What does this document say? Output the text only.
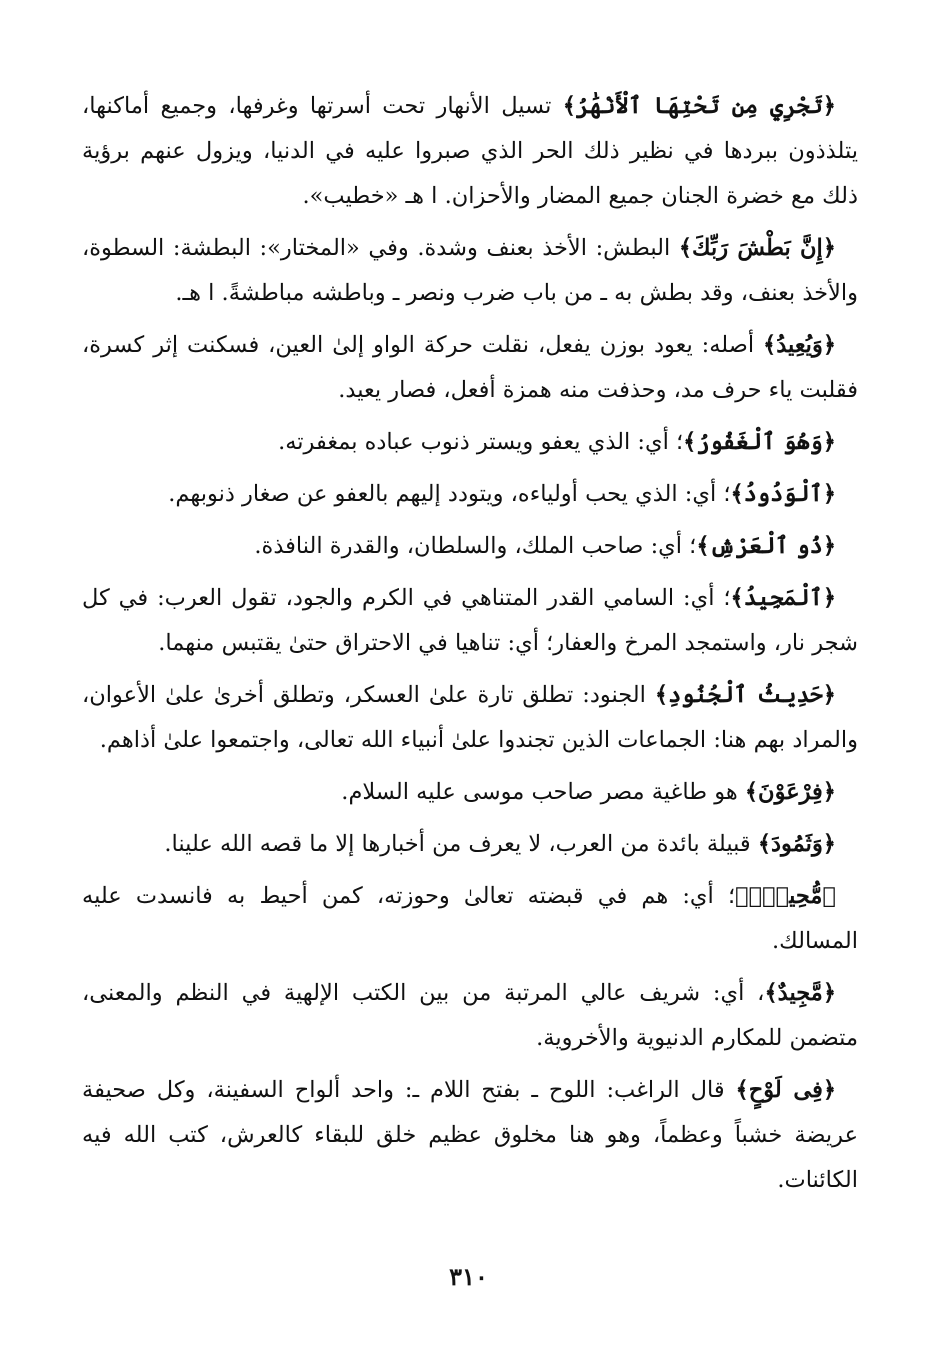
﴿تَجْرِي مِن تَحْتِهَا ٱلْأَنْهَٰرُ﴾ تسيل الأنهار تحت أسرتها وغرفها، وجميع أماكنها، يتلذذون ببردها في نظير ذلك الحر الذي صبروا عليه في الدنيا، ويزول عنهم برؤية ذلك مع خضرة الجنان جميع المضار والأحزان. ا هـ «خطيب».

﴿إِنَّ بَطْشَ رَبِّكَ﴾ البطش: الأخذ بعنف وشدة. وفي «المختار»: البطشة: السطوة، والأخذ بعنف، وقد بطش به ـ من باب ضرب ونصر ـ وباطشه مباطشةً. ا هـ.

﴿وَيُعِيدُ﴾ أصله: يعود بوزن يفعل، نقلت حركة الواو إلىٰ العين، فسكنت إثر كسرة، فقلبت ياء حرف مد، وحذفت منه همزة أفعل، فصار يعيد.

﴿وَهُوَ ٱلْغَفُورُ﴾؛ أي: الذي يعفو ويستر ذنوب عباده بمغفرته.

﴿ٱلْوَدُودُ﴾؛ أي: الذي يحب أولياءه، ويتودد إليهم بالعفو عن صغار ذنوبهم.

﴿ذُو ٱلْعَرْشِ﴾؛ أي: صاحب الملك، والسلطان، والقدرة النافذة.

﴿ٱلْمَجِيدُ﴾؛ أي: السامي القدر المتناهي في الكرم والجود، تقول العرب: في كل شجر نار، واستمجد المرخ والعفار؛ أي: تناهيا في الاحتراق حتىٰ يقتبس منهما.

﴿حَدِيثُ ٱلْجُنُودِ﴾ الجنود: تطلق تارة علىٰ العسكر، وتطلق أخرىٰ علىٰ الأعوان، والمراد بهم هنا: الجماعات الذين تجندوا علىٰ أنبياء الله تعالى، واجتمعوا علىٰ أذاهم.

﴿فِرْعَوْنَ﴾ هو طاغية مصر صاحب موسى عليه السلام.

﴿وَثَمُودَ﴾ قبيلة بائدة من العرب، لا يعرف من أخبارها إلا ما قصه الله علينا.

﴿مُّحِيطٌۢ﴾؛ أي: هم في قبضته تعالىٰ وحوزته، كمن أحيط به فانسدت عليه المسالك.

﴿مَّجِيدٌ﴾، أي: شريف عالي المرتبة من بين الكتب الإلهية في النظم والمعنى، متضمن للمكارم الدنيوية والأخروية.

﴿فِى لَوْحٍ﴾ قال الراغب: اللوح ـ بفتح اللام ـ: واحد ألواح السفينة، وكل صحيفة عريضة خشباً وعظماً، وهو هنا مخلوق عظيم خلق للبقاء كالعرش، كتب الله فيه الكائنات.

٣١٠
